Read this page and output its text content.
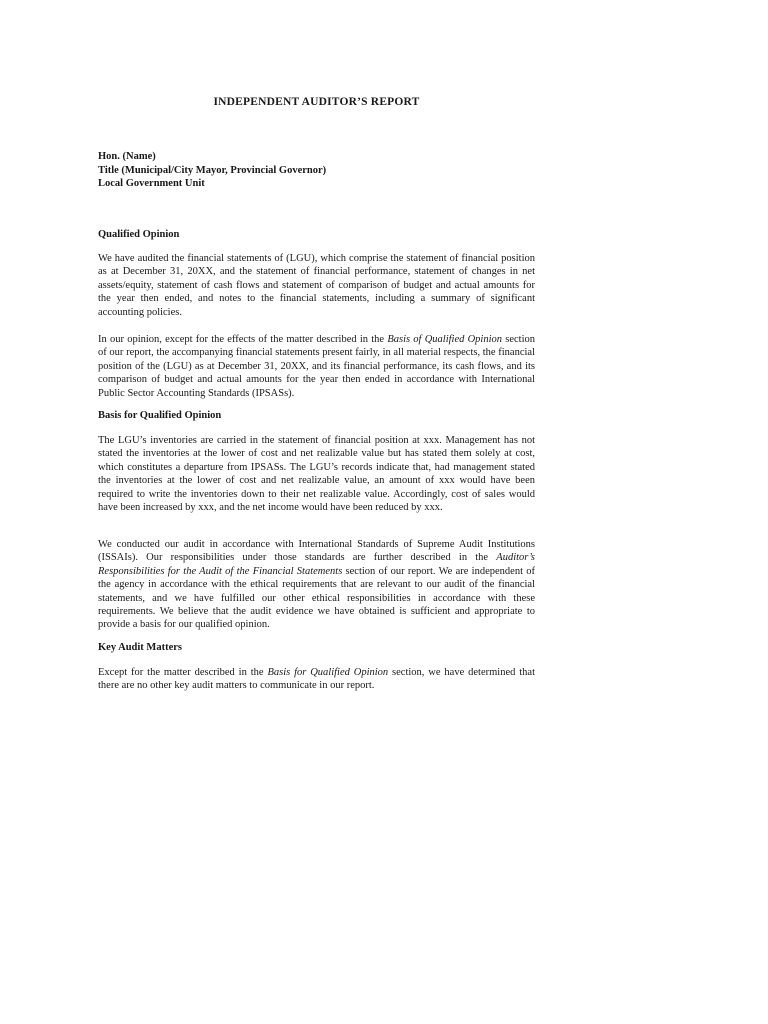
INDEPENDENT AUDITOR’S REPORT
Hon. (Name)
Title (Municipal/City Mayor, Provincial Governor)
Local Government Unit
Qualified Opinion

We have audited the financial statements of (LGU), which comprise the statement of financial position as at December 31, 20XX, and the statement of financial performance, statement of changes in net assets/equity, statement of cash flows and statement of comparison of budget and actual amounts for the year then ended, and notes to the financial statements, including a summary of significant accounting policies.

In our opinion, except for the effects of the matter described in the Basis of Qualified Opinion section of our report, the accompanying financial statements present fairly, in all material respects, the financial position of the (LGU) as at December 31, 20XX, and its financial performance, its cash flows, and its comparison of budget and actual amounts for the year then ended in accordance with International Public Sector Accounting Standards (IPSASs).

Basis for Qualified Opinion

The LGU’s inventories are carried in the statement of financial position at xxx. Management has not stated the inventories at the lower of cost and net realizable value but has stated them solely at cost, which constitutes a departure from IPSASs. The LGU’s records indicate that, had management stated the inventories at the lower of cost and net realizable value, an amount of xxx would have been required to write the inventories down to their net realizable value. Accordingly, cost of sales would have been increased by xxx, and the net income would have been reduced by xxx.

We conducted our audit in accordance with International Standards of Supreme Audit Institutions (ISSAIs). Our responsibilities under those standards are further described in the Auditor’s Responsibilities for the Audit of the Financial Statements section of our report. We are independent of the agency in accordance with the ethical requirements that are relevant to our audit of the financial statements, and we have fulfilled our other ethical responsibilities in accordance with these requirements. We believe that the audit evidence we have obtained is sufficient and appropriate to provide a basis for our qualified opinion.

Key Audit Matters

Except for the matter described in the Basis for Qualified Opinion section, we have determined that there are no other key audit matters to communicate in our report.
